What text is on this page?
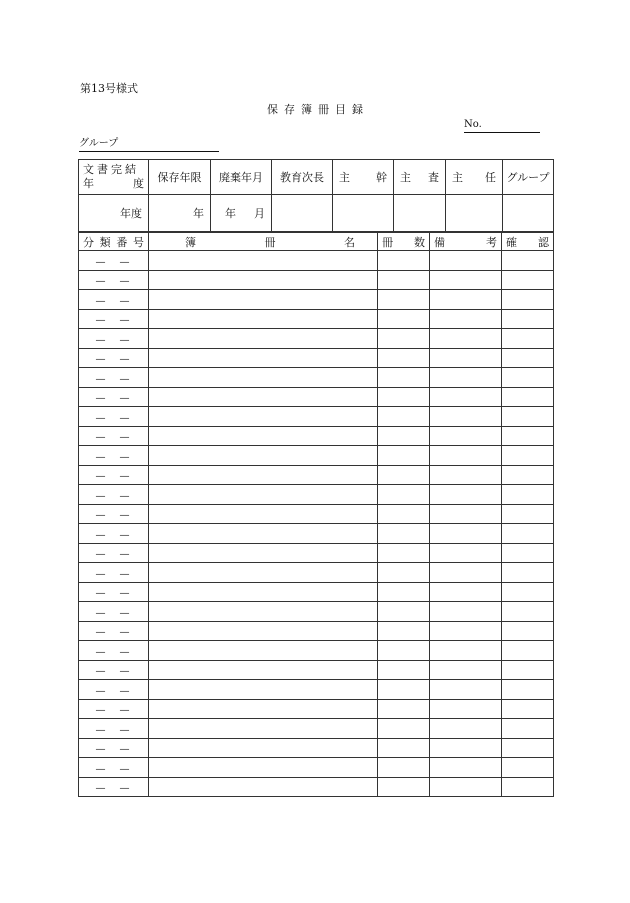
第13号様式
保存簿冊目録
No.
グループ
文書完結
年 度	保存年限	廃棄年月	教育次長	主 幹	主 査	主 任	グループ
年度	年	年 月					

分 類 番 号	簿 冊 名	冊 数	備 考	確 認

—　—				
—　—				
—　—				
—　—				
—　—				
—　—				
—　—				
—　—				
—　—				
—　—				
—　—				
—　—				
—　—				
—　—				
—　—				
—　—				
—　—				
—　—				
—　—				
—　—				
—　—				
—　—				
—　—				
—　—				
—　—				
—　—				
—　—				
—　—				
